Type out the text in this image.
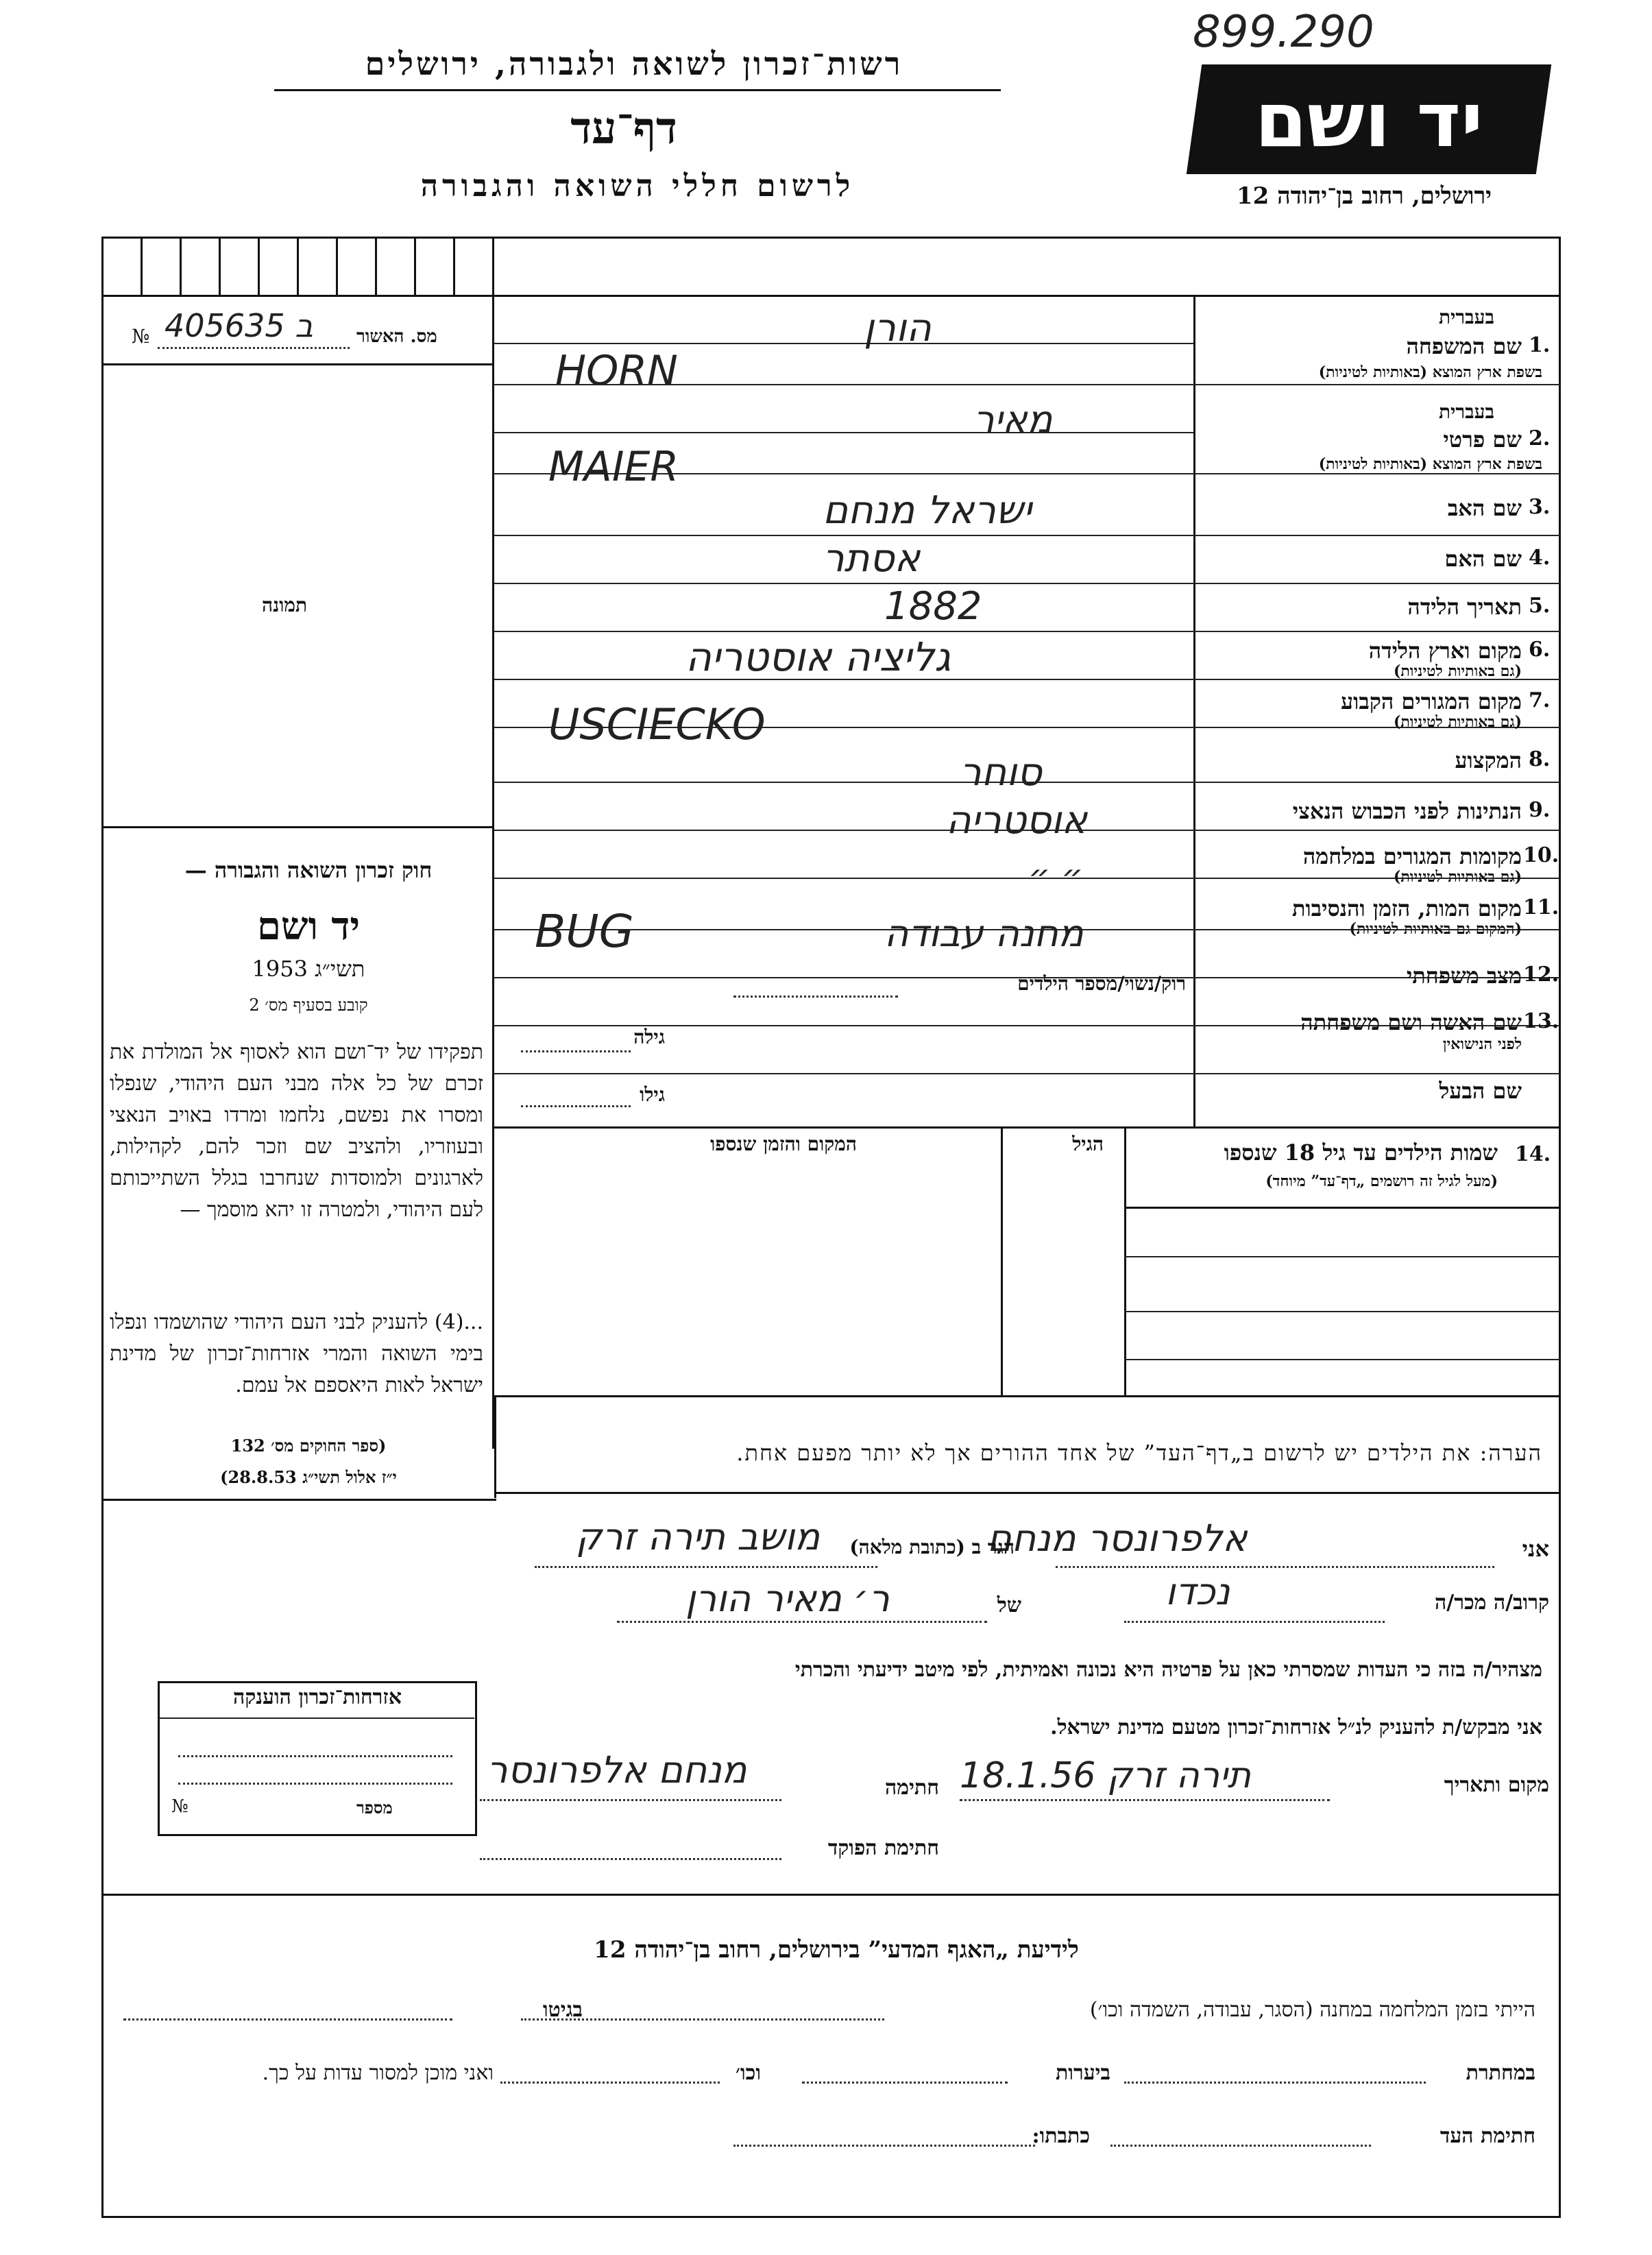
899.290
רשות־זכרון לשואה ולגבורה, ירושלים
דף־עד
לרשום חללי השואה והגבורה
יד ושם
ירושלים, רחוב בן־יהודה 12
מס. האשור
№ ב 405635
תמונה
חוק זכרון השואה והגבורה —
יד ושם
תשי״ג 1953
קובע בסעיף מס׳ 2
תפקידו של יד־ושם הוא לאסוף אל המולדת את זכרם של כל אלה מבני העם היהודי, שנפלו ומסרו את נפשם, נלחמו ומרדו באויב הנאצי ובעוזריו, ולהציב שם וזכר להם, לקהילות, לארגונים ולמוסדות שנחרבו בגלל השתייכותם לעם היהודי, ולמטרה זו יהא מוסמך —
...(4) להעניק לבני העם היהודי שהושמדו ונפלו בימי השואה והמרי אזרחות־זכרון של מדינת ישראל לאות היאספם אל עמם.
(ספר החוקים מס׳ 132
י״ז אלול תשי״ג 28.8.53)
בעברית
1.
שם המשפחה
בשפת ארץ המוצא (באותיות לטיניות)
הורן
HORN
בעברית
2.
שם פרטי
בשפת ארץ המוצא (באותיות לטיניות)
מאיר
MAIER
3.
שם האב
ישראל מנחם
4.
שם האם
אסתר
5.
תאריך הלידה
1882
6.
מקום וארץ הלידה
(גם באותיות לטיניות)
גליציה אוסטריה
7.
מקום המגורים הקבוע
(גם באותיות לטיניות)
USCIECKO
8.
המקצוע
סוחר
9.
הנתינות לפני הכבוש הנאצי
אוסטריה
10.
מקומות המגורים במלחמה
(גם באותיות לטיניות)
״ ״
11.
מקום המות, הזמן והנסיבות
(המקום גם באותיות לטיניות)
BUG	מחנה עבודה
12.
מצב משפחתי
רוק/נשוי/מספר הילדים
13.
שם האשה ושם משפחתה
לפני הנישואין
גילה
שם הבעל
גילו
14.
שמות הילדים עד גיל 18 שנספו
(מעל לגיל זה רושמים „דף־עד” מיוחד)
הגיל
המקום והזמן שנספו
הערה: את הילדים יש לרשום ב„דף־העד” של אחד ההורים אך לא יותר מפעם אחת.
אני
אלפרונסר מנחם
הגר ב (כתובת מלאה)
מושב תירה זרק
קרוב/ה מכר/ה
נכדו
של
ר׳ מאיר הורן
מצהיר/ה בזה כי העדות שמסרתי כאן על פרטיה היא נכונה ואמיתית, לפי מיטב ידיעתי והכרתי
אני מבקש/ת להעניק לנ״ל אזרחות־זכרון מטעם מדינת ישראל.
מקום ותאריך
תירה זרק 18.1.56
חתימה
מנחם אלפרונסר
חתימת הפוקד
אזרחות־זכרון הוענקה
מספר
№
לידיעת „האגף המדעי” בירושלים, רחוב בן־יהודה 12
הייתי בזמן המלחמה במחנה (הסגר, עבודה, השמדה וכו׳)
בגיטו
במחתרת
ביערות
וכו׳
ואני מוכן למסור עדות על כך.
חתימת העד
כתבתו:
